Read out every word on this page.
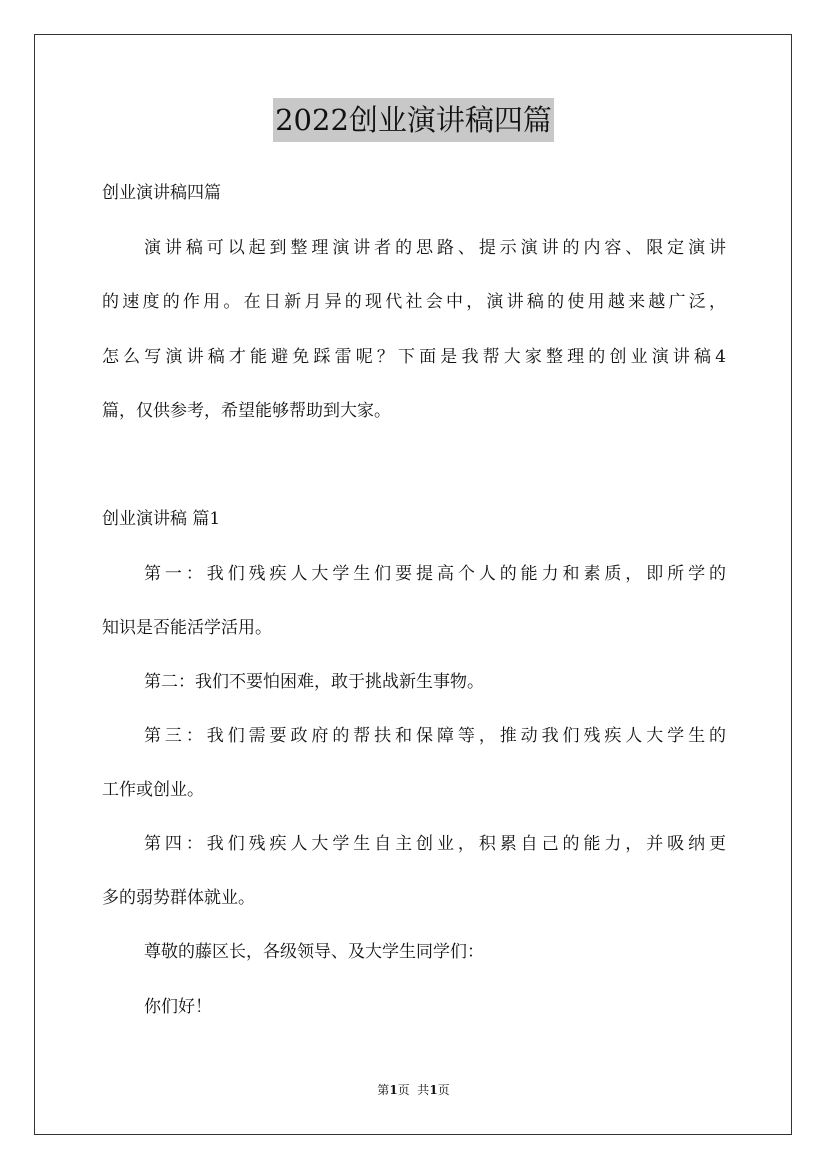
2022创业演讲稿四篇
创业演讲稿四篇
演讲稿可以起到整理演讲者的思路、提示演讲的内容、限定演讲
的速度的作用。在日新月异的现代社会中，演讲稿的使用越来越广泛，
怎么写演讲稿才能避免踩雷呢？下面是我帮大家整理的创业演讲稿4
篇，仅供参考，希望能够帮助到大家。
创业演讲稿 篇1
第一：我们残疾人大学生们要提高个人的能力和素质，即所学的
知识是否能活学活用。
第二：我们不要怕困难，敢于挑战新生事物。
第三：我们需要政府的帮扶和保障等，推动我们残疾人大学生的
工作或创业。
第四：我们残疾人大学生自主创业，积累自己的能力，并吸纳更
多的弱势群体就业。
尊敬的藤区长，各级领导、及大学生同学们：
你们好！
第1页  共1页
